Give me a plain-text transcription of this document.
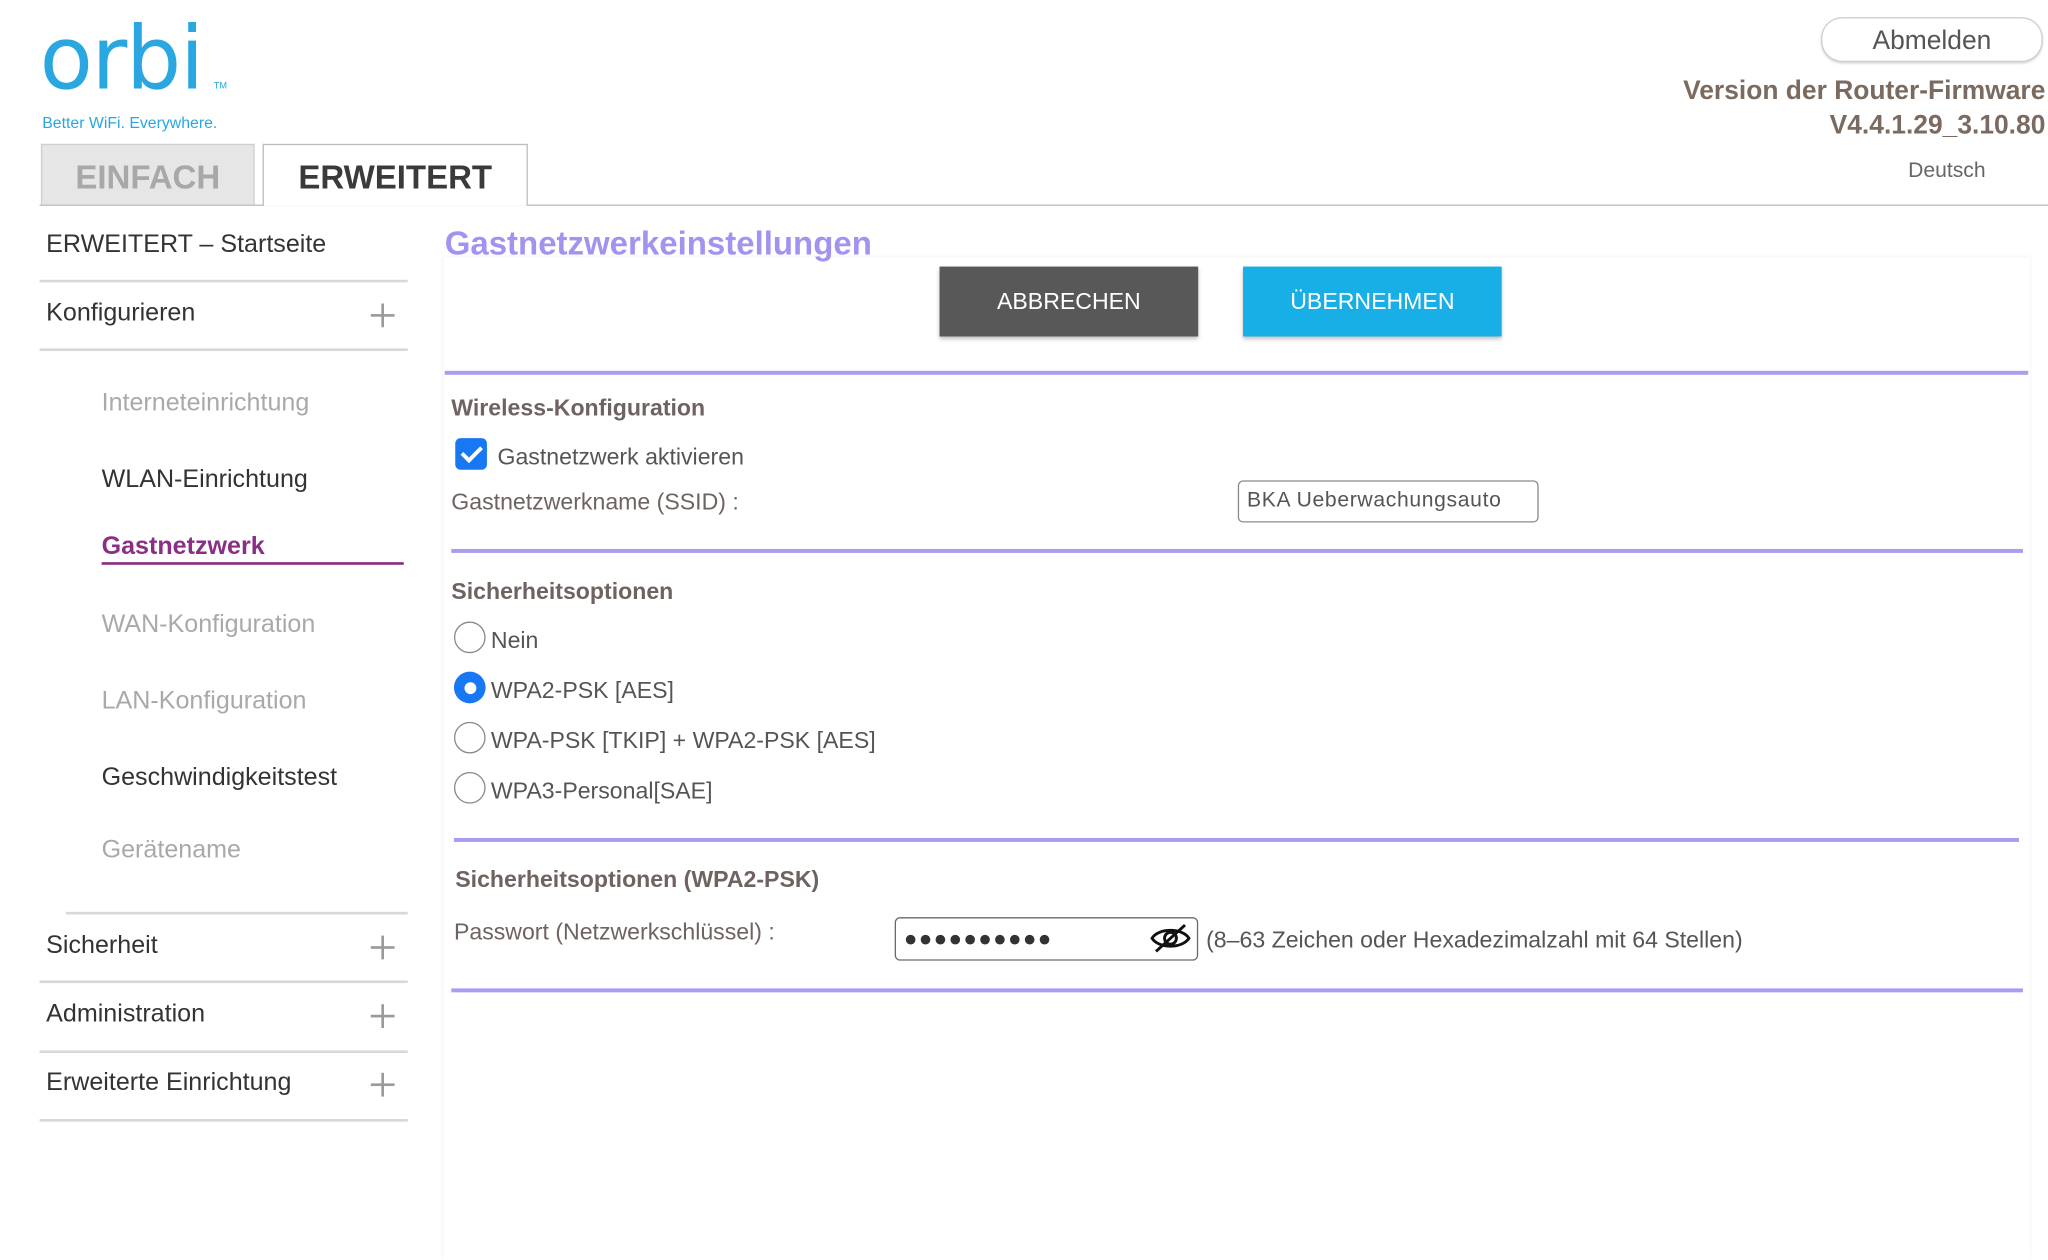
orbi TM
Better WiFi. Everywhere.
Abmelden
Version der Router-Firmware
V4.4.1.29_3.10.80
Deutsch
EINFACH	ERWEITERT
ERWEITERT – Startseite
Konfigurieren
Interneteinrichtung
WLAN-Einrichtung
Gastnetzwerk
WAN-Konfiguration
LAN-Konfiguration
Geschwindigkeitstest
Gerätename
Sicherheit
Administration
Erweiterte Einrichtung
Gastnetzwerkeinstellungen
ABBRECHEN	ÜBERNEHMEN
Wireless-Konfiguration
Gastnetzwerk aktivieren
Gastnetzwerkname (SSID) :	BKA Ueberwachungsauto
Sicherheitsoptionen
Nein
WPA2-PSK [AES]
WPA-PSK [TKIP] + WPA2-PSK [AES]
WPA3-Personal[SAE]
Sicherheitsoptionen (WPA2-PSK)
Passwort (Netzwerkschlüssel) :	●●●●●●●●●●	(8–63 Zeichen oder Hexadezimalzahl mit 64 Stellen)
